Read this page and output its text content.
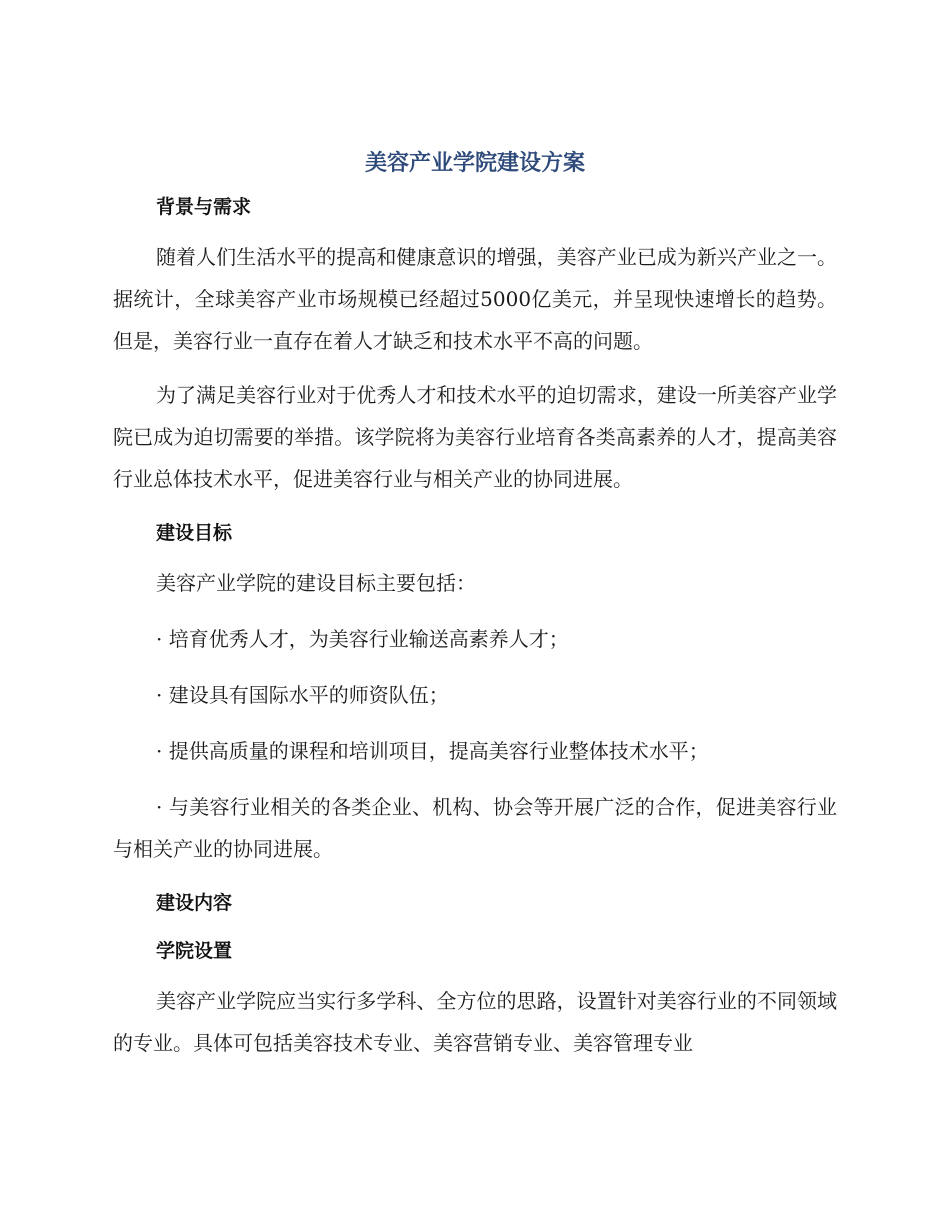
美容产业学院建设方案
背景与需求

随着人们生活水平的提高和健康意识的增强，美容产业已成为新兴产业之一。据统计，全球美容产业市场规模已经超过5000亿美元，并呈现快速增长的趋势。但是，美容行业一直存在着人才缺乏和技术水平不高的问题。

为了满足美容行业对于优秀人才和技术水平的迫切需求，建设一所美容产业学院已成为迫切需要的举措。该学院将为美容行业培育各类高素养的人才，提高美容行业总体技术水平，促进美容行业与相关产业的协同进展。

建设目标

美容产业学院的建设目标主要包括：

· 培育优秀人才，为美容行业输送高素养人才；

· 建设具有国际水平的师资队伍；

· 提供高质量的课程和培训项目，提高美容行业整体技术水平；

· 与美容行业相关的各类企业、机构、协会等开展广泛的合作，促进美容行业与相关产业的协同进展。

建设内容
学院设置

美容产业学院应当实行多学科、全方位的思路，设置针对美容行业的不同领域的专业。具体可包括美容技术专业、美容营销专业、美容管理专业
